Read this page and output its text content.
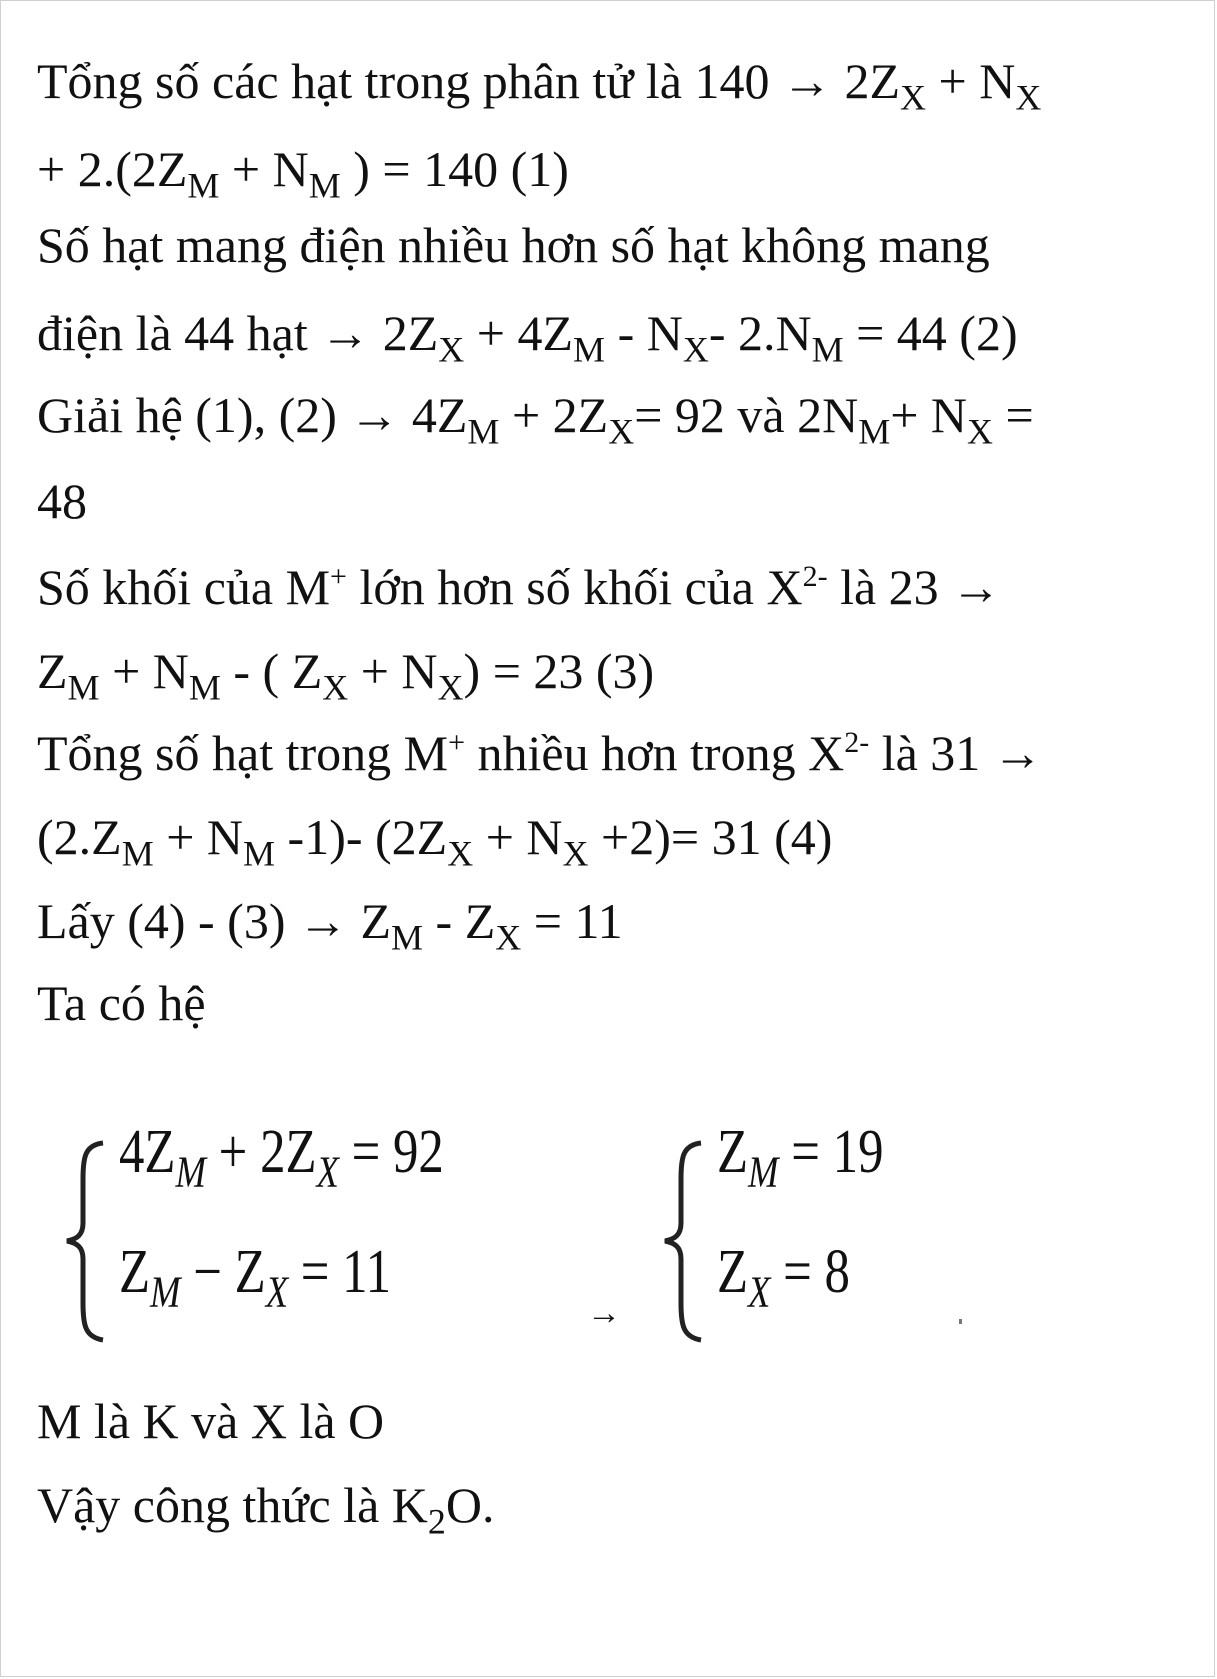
Tổng số các hạt trong phân tử là $140 \to 2Z_X + N_X$
+ $2.(2Z_M + N_M$ ) = 140 (1)
Số hạt mang điện nhiều hơn số hạt không mang
điện là 44 hạt → $2Z_X + 4Z_M - N_X-$ $2.N_M = 44$ (2)
Giải hệ (1), $(2) \to 4Z_M + 2Z_X= 92$ và $2N_M+ N_X$ =
48
Số khối của M+ lớn hơn số khối của $X^{2-}$ là 23 →
$Z_M + N_M$ - ( $Z_X + N_X) = 23$ (3)
Tổng số hạt trong M+ nhiều hơn trong $X^{2-}$ là 31 →
($2.Z_M + N_M$ -1)- $(2Z_X + N_X +2)= 31$ (4)
Lấy $(4) - (3) \to Z_M - Z_X = 11$
Ta có hệ
$4Z_M + 2Z_X = 92$
$Z_M - Z_X = 11$
→
$Z_M = 19$
$Z_X = 8$
M là K và X là O
Vậy công thức là $K_2O$.
